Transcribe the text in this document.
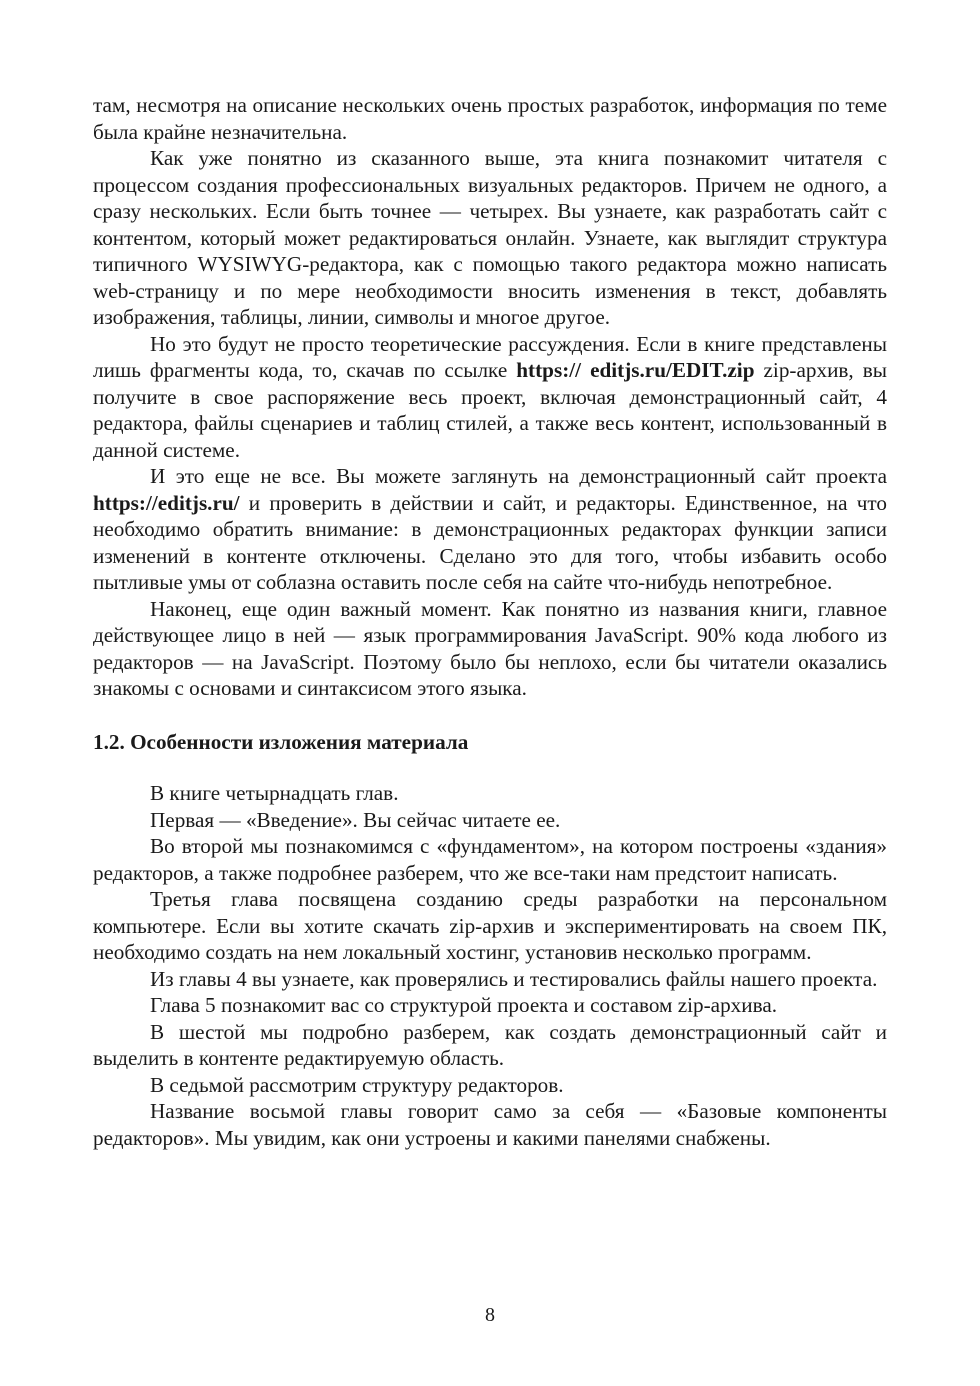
там, несмотря на описание нескольких очень простых разработок, информация по теме была крайне незначительна.

Как уже понятно из сказанного выше, эта книга познакомит читателя с процессом создания профессиональных визуальных редакторов. Причем не одного, а сразу нескольких. Если быть точнее — четырех. Вы узнаете, как разработать сайт с контентом, который может редактироваться онлайн. Узнаете, как выглядит структура типичного WYSIWYG-редактора, как с помощью такого редактора можно написать web-страницу и по мере необходимости вносить изменения в текст, добавлять изображения, таблицы, линии, символы и многое другое.

Но это будут не просто теоретические рассуждения. Если в книге представлены лишь фрагменты кода, то, скачав по ссылке https:// editjs.ru/EDIT.zip zip-архив, вы получите в свое распоряжение весь проект, включая демонстрационный сайт, 4 редактора, файлы сценариев и таблиц стилей, а также весь контент, использованный в данной системе.

И это еще не все. Вы можете заглянуть на демонстрационный сайт проекта https://editjs.ru/ и проверить в действии и сайт, и редакторы. Единственное, на что необходимо обратить внимание: в демонстрационных редакторах функции записи изменений в контенте отключены. Сделано это для того, чтобы избавить особо пытливые умы от соблазна оставить после себя на сайте что-нибудь непотребное.

Наконец, еще один важный момент. Как понятно из названия книги, главное действующее лицо в ней — язык программирования JavaScript. 90% кода любого из редакторов — на JavaScript. Поэтому было бы неплохо, если бы читатели оказались знакомы с основами и синтаксисом этого языка.

1.2. Особенности изложения материала

В книге четырнадцать глав.

Первая — «Введение». Вы сейчас читаете ее.

Во второй мы познакомимся с «фундаментом», на котором построены «здания» редакторов, а также подробнее разберем, что же все-таки нам предстоит написать.

Третья глава посвящена созданию среды разработки на персональном компьютере. Если вы хотите скачать zip-архив и экспериментировать на своем ПК, необходимо создать на нем локальный хостинг, установив несколько программ.

Из главы 4 вы узнаете, как проверялись и тестировались файлы нашего проекта.

Глава 5 познакомит вас со структурой проекта и составом zip-архива.

В шестой мы подробно разберем, как создать демонстрационный сайт и выделить в контенте редактируемую область.

В седьмой рассмотрим структуру редакторов.

Название восьмой главы говорит само за себя — «Базовые компоненты редакторов». Мы увидим, как они устроены и какими панелями снабжены.

8
